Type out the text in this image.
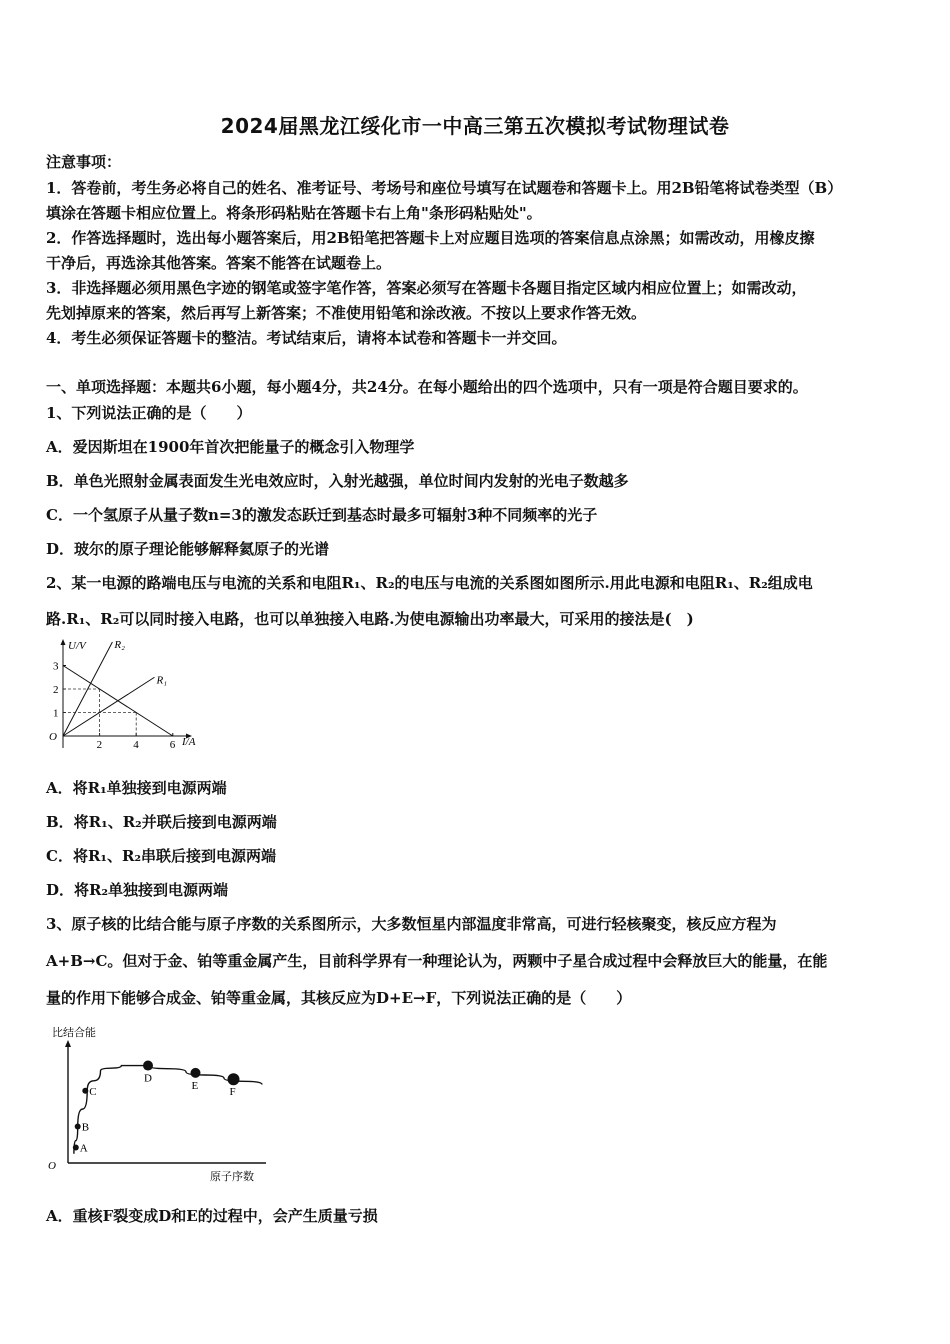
2024届黑龙江绥化市一中高三第五次模拟考试物理试卷
注意事项：
1．答卷前，考生务必将自己的姓名、准考证号、考场号和座位号填写在试题卷和答题卡上。用2B铅笔将试卷类型（B）
填涂在答题卡相应位置上。将条形码粘贴在答题卡右上角"条形码粘贴处"。
2．作答选择题时，选出每小题答案后，用2B铅笔把答题卡上对应题目选项的答案信息点涂黑；如需改动，用橡皮擦
干净后，再选涂其他答案。答案不能答在试题卷上。
3．非选择题必须用黑色字迹的钢笔或签字笔作答，答案必须写在答题卡各题目指定区域内相应位置上；如需改动，
先划掉原来的答案，然后再写上新答案；不准使用铅笔和涂改液。不按以上要求作答无效。
4．考生必须保证答题卡的整洁。考试结束后，请将本试卷和答题卡一并交回。
一、单项选择题：本题共6小题，每小题4分，共24分。在每小题给出的四个选项中，只有一项是符合题目要求的。
1、下列说法正确的是（　　）
A．爱因斯坦在1900年首次把能量子的概念引入物理学
B．单色光照射金属表面发生光电效应时，入射光越强，单位时间内发射的光电子数越多
C．一个氢原子从量子数n=3的激发态跃迁到基态时最多可辐射3种不同频率的光子
D．玻尔的原子理论能够解释氦原子的光谱
2、某一电源的路端电压与电流的关系和电阻R₁、R₂的电压与电流的关系图如图所示.用此电源和电阻R₁、R₂组成电
路.R₁、R₂可以同时接入电路，也可以单独接入电路.为使电源输出功率最大，可采用的接法是(　)
U/V
I/A
O
2	4	6
1
2
3
R₂
R₁
A．将R₁单独接到电源两端
B．将R₁、R₂并联后接到电源两端
C．将R₁、R₂串联后接到电源两端
D．将R₂单独接到电源两端
3、原子核的比结合能与原子序数的关系图所示，大多数恒星内部温度非常高，可进行轻核聚变，核反应方程为
A+B→C。但对于金、铂等重金属产生，目前科学界有一种理论认为，两颗中子星合成过程中会释放巨大的能量，在能
量的作用下能够合成金、铂等重金属，其核反应为D+E→F，下列说法正确的是（　　）
比结合能
O
原子序数
A
B
C
D
E
F
A．重核F裂变成D和E的过程中，会产生质量亏损
